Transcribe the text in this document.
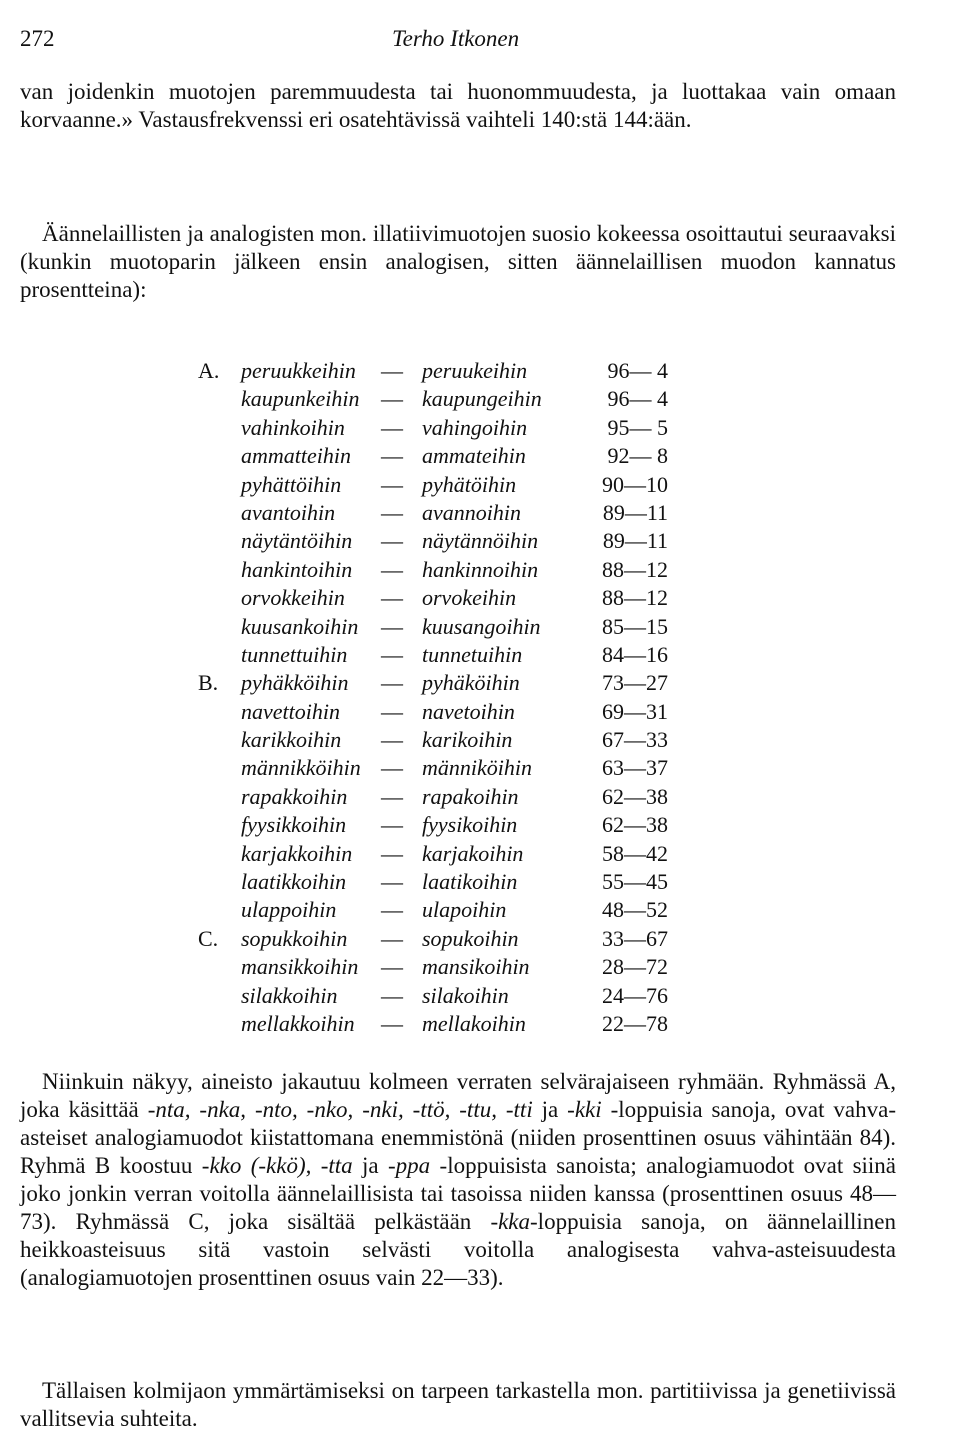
272	Terho Itkonen

van joidenkin muotojen paremmuudesta tai huonommuudesta, ja luottakaa vain omaan korvaanne.» Vastausfrekvenssi eri osatehtävissä vaihteli 140:stä 144:ään.

Äännelaillisten ja analogisten mon. illatiivimuotojen suosio kokeessa osoittautui seuraavaksi (kunkin muotoparin jälkeen ensin analogisen, sitten äännelaillisen muodon kannatus prosentteina):

A. peruukkeihin — peruukeihin	96— 4
kaupunkeihin — kaupungeihin	96— 4
vahinkoihin — vahingoihin	95— 5
ammatteihin — ammateihin	92— 8
pyhättöihin — pyhätöihin	90—10
avantoihin — avannoihin	89—11
näytäntöihin — näytännöihin	89—11
hankintoihin — hankinnoihin	88—12
orvokkeihin — orvokeihin	88—12
kuusankoihin — kuusangoihin	85—15
tunnettuihin — tunnetuihin	84—16
B.	pyhäkköihin — pyhäköihin	73—27
navettoihin — navetoihin	69—31
karikkoihin — karikoihin	67—33
männikköihin — männiköihin	63—37
rapakkoihin — rapakoihin	62—38
fyysikkoihin — fyysikoihin	62—38
karjakkoihin — karjakoihin	58—42
laatikkoihin — laatikoihin	55—45
ulappoihin — ulapoihin	48—52
C.	sopukkoihin — sopukoihin	33—67
mansikkoihin — mansikoihin	28—72
silakkoihin — silakoihin	24—76
mellakkoihin — mellakoihin	22—78

Niinkuin näkyy, aineisto jakautuu kolmeen verraten selvärajaiseen ryhmään. Ryhmässä A, joka käsittää -nta, -nka, -nto, -nko, -nki, -ttö, -ttu, -tti ja -kki -loppuisia sanoja, ovat vahva-asteiset analogiamuodot kiistattomana enemmistönä (niiden prosenttinen osuus vähintään 84). Ryhmä B koostuu -kko (-kkö), -tta ja -ppa -loppuisista sanoista; analogiamuodot ovat siinä joko jonkin verran voitolla äännelaillisista tai tasoissa niiden kanssa (prosenttinen osuus 48—73). Ryhmässä C, joka sisältää pelkästään -kka-loppuisia sanoja, on äännelaillinen heikkoasteisuus sitä vastoin selvästi voitolla analogisesta vahva-asteisuudesta (analogiamuotojen prosenttinen osuus vain 22—33).

Tällaisen kolmijaon ymmärtämiseksi on tarpeen tarkastella mon. partitiivissa ja genetiivissä vallitsevia suhteita.
